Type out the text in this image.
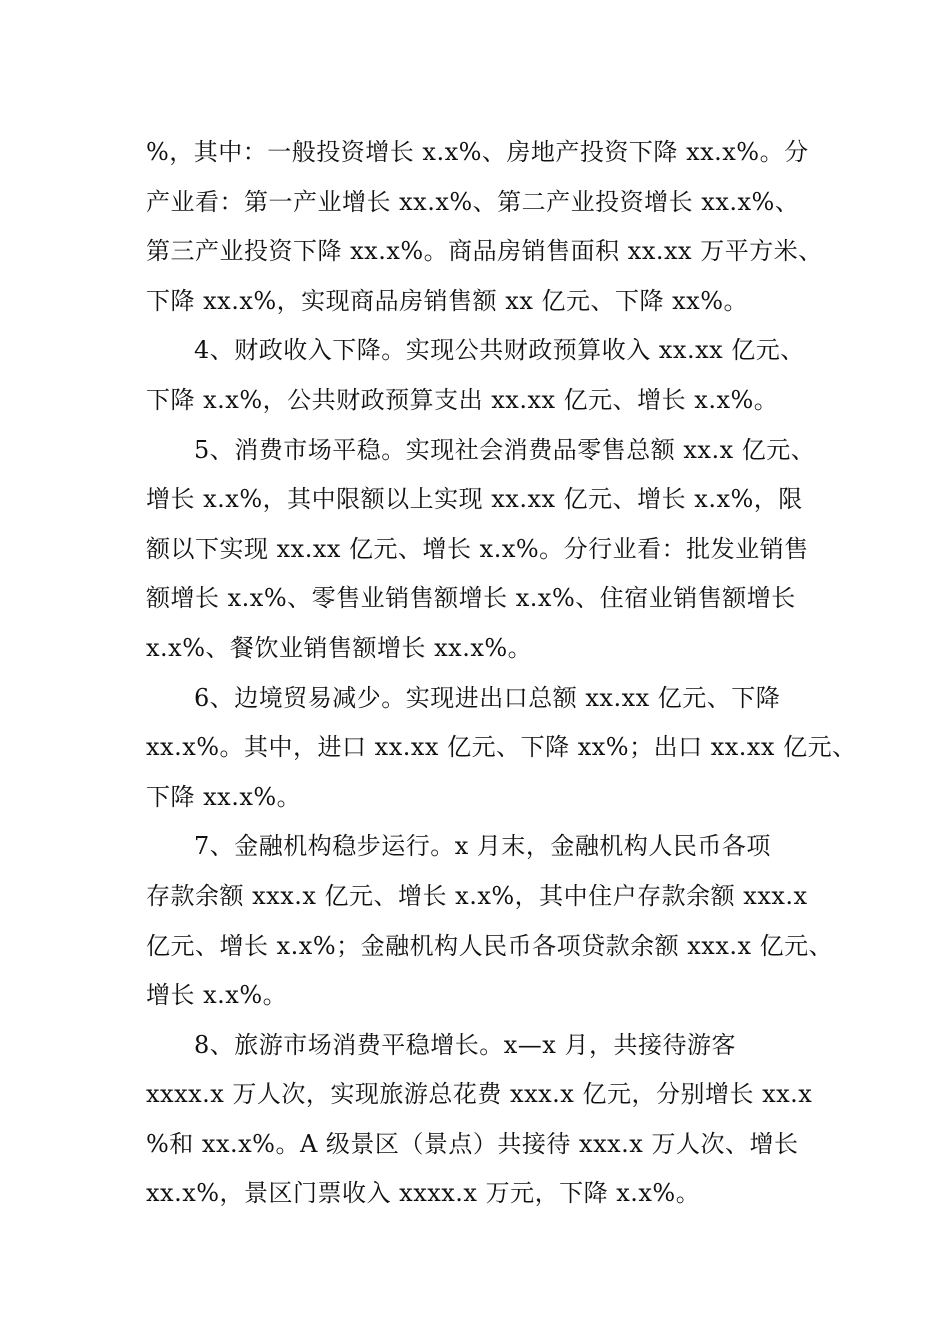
%，其中：一般投资增长 x.x%、房地产投资下降 xx.x%。分
产业看：第一产业增长 xx.x%、第二产业投资增长 xx.x%、
第三产业投资下降 xx.x%。商品房销售面积 xx.xx 万平方米、
下降 xx.x%，实现商品房销售额 xx 亿元、下降 xx%。
4、财政收入下降。实现公共财政预算收入 xx.xx 亿元、
下降 x.x%，公共财政预算支出 xx.xx 亿元、增长 x.x%。
5、消费市场平稳。实现社会消费品零售总额 xx.x 亿元、
增长 x.x%，其中限额以上实现 xx.xx 亿元、增长 x.x%，限
额以下实现 xx.xx 亿元、增长 x.x%。分行业看：批发业销售
额增长 x.x%、零售业销售额增长 x.x%、住宿业销售额增长
x.x%、餐饮业销售额增长 xx.x%。
6、边境贸易减少。实现进出口总额 xx.xx 亿元、下降
xx.x%。其中，进口 xx.xx 亿元、下降 xx%；出口 xx.xx 亿元、
下降 xx.x%。
7、金融机构稳步运行。x 月末，金融机构人民币各项
存款余额 xxx.x 亿元、增长 x.x%，其中住户存款余额 xxx.x
亿元、增长 x.x%；金融机构人民币各项贷款余额 xxx.x 亿元、
增长 x.x%。
8、旅游市场消费平稳增长。x—x 月，共接待游客
xxxx.x 万人次，实现旅游总花费 xxx.x 亿元，分别增长 xx.x
%和 xx.x%。A 级景区（景点）共接待 xxx.x 万人次、增长
xx.x%，景区门票收入 xxxx.x 万元，下降 x.x%。
